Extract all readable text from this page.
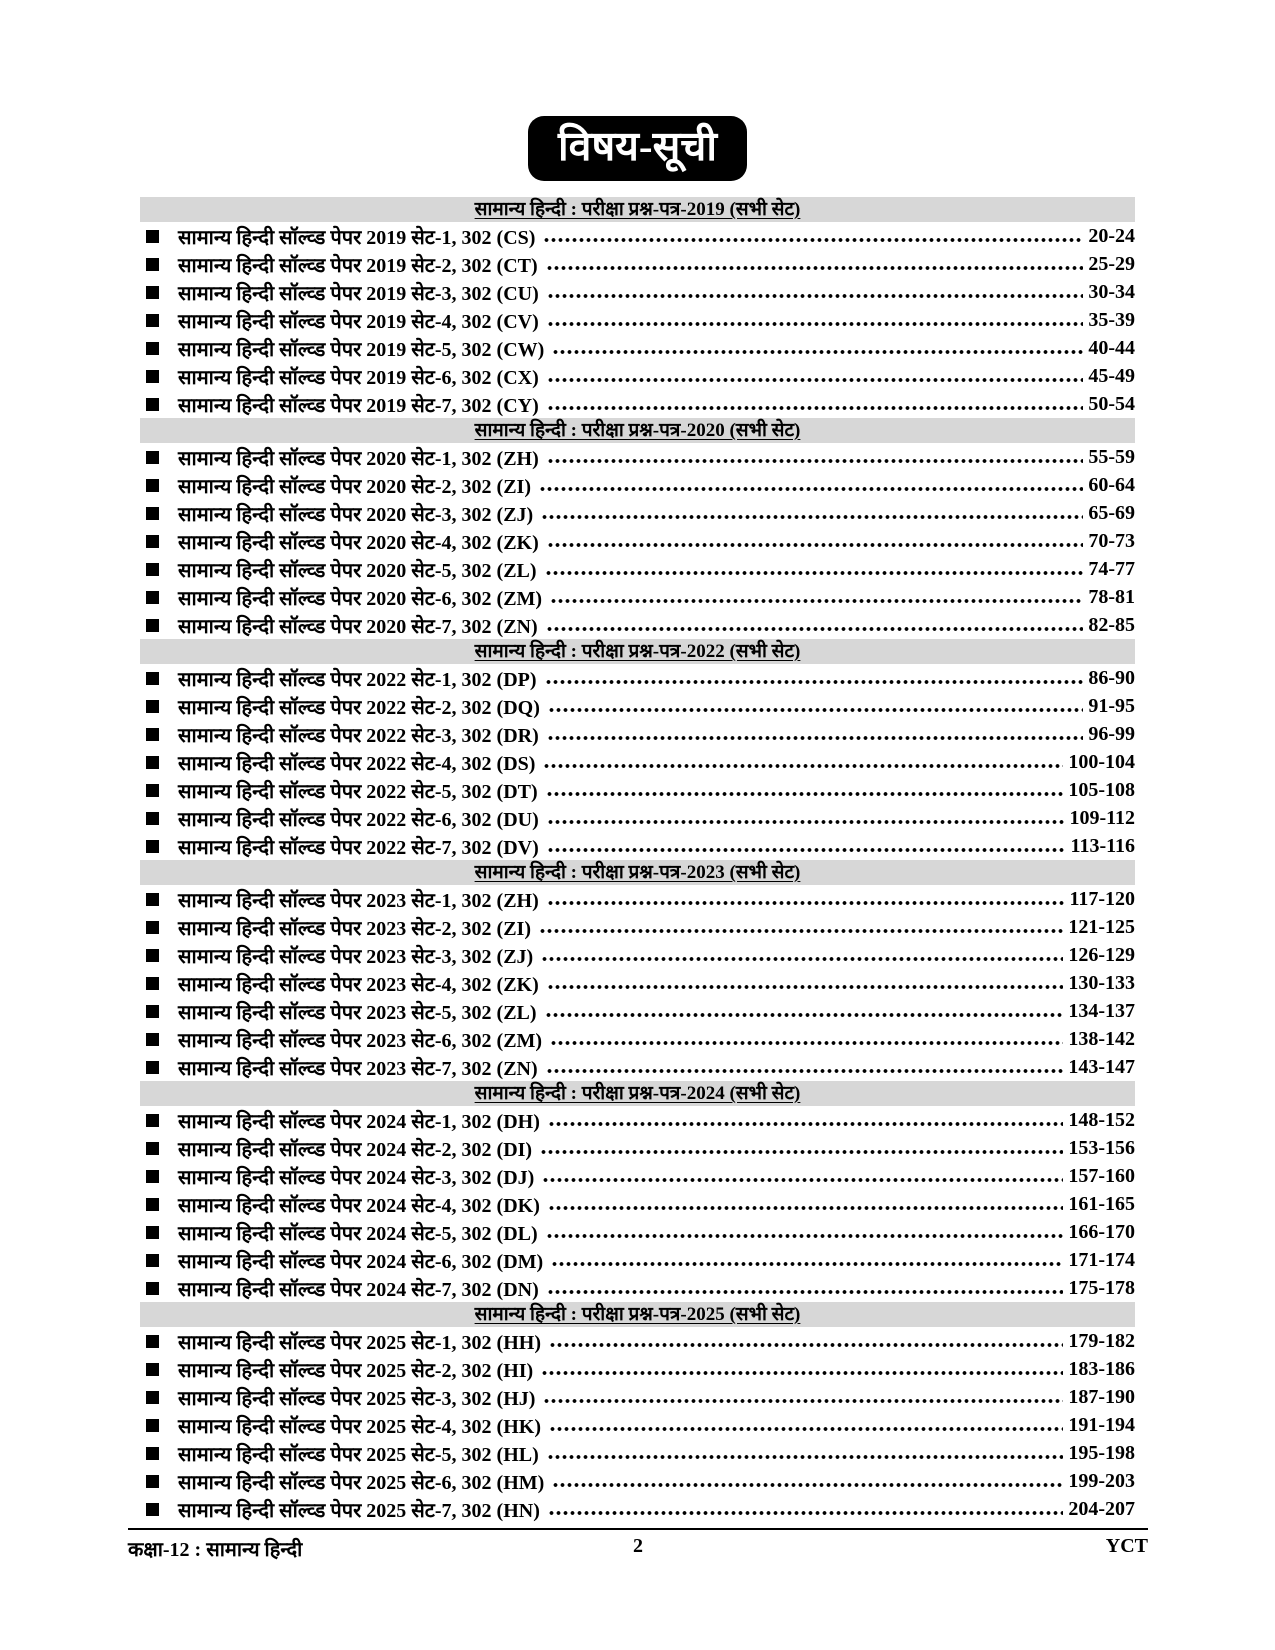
विषय-सूची
सामान्य हिन्दी : परीक्षा प्रश्न-पत्र-2019 (सभी सेट)
सामान्य हिन्दी सॉल्व्ड पेपर 2019 सेट-1, 302 (CS)	20-24
सामान्य हिन्दी सॉल्व्ड पेपर 2019 सेट-2, 302 (CT)	25-29
सामान्य हिन्दी सॉल्व्ड पेपर 2019 सेट-3, 302 (CU)	30-34
सामान्य हिन्दी सॉल्व्ड पेपर 2019 सेट-4, 302 (CV)	35-39
सामान्य हिन्दी सॉल्व्ड पेपर 2019 सेट-5, 302 (CW)	40-44
सामान्य हिन्दी सॉल्व्ड पेपर 2019 सेट-6, 302 (CX)	45-49
सामान्य हिन्दी सॉल्व्ड पेपर 2019 सेट-7, 302 (CY)	50-54
सामान्य हिन्दी : परीक्षा प्रश्न-पत्र-2020 (सभी सेट)
सामान्य हिन्दी सॉल्व्ड पेपर 2020 सेट-1, 302 (ZH)	55-59
सामान्य हिन्दी सॉल्व्ड पेपर 2020 सेट-2, 302 (ZI)	60-64
सामान्य हिन्दी सॉल्व्ड पेपर 2020 सेट-3, 302 (ZJ)	65-69
सामान्य हिन्दी सॉल्व्ड पेपर 2020 सेट-4, 302 (ZK)	70-73
सामान्य हिन्दी सॉल्व्ड पेपर 2020 सेट-5, 302 (ZL)	74-77
सामान्य हिन्दी सॉल्व्ड पेपर 2020 सेट-6, 302 (ZM)	78-81
सामान्य हिन्दी सॉल्व्ड पेपर 2020 सेट-7, 302 (ZN)	82-85
सामान्य हिन्दी : परीक्षा प्रश्न-पत्र-2022 (सभी सेट)
सामान्य हिन्दी सॉल्व्ड पेपर 2022 सेट-1, 302 (DP)	86-90
सामान्य हिन्दी सॉल्व्ड पेपर 2022 सेट-2, 302 (DQ)	91-95
सामान्य हिन्दी सॉल्व्ड पेपर 2022 सेट-3, 302 (DR)	96-99
सामान्य हिन्दी सॉल्व्ड पेपर 2022 सेट-4, 302 (DS)	100-104
सामान्य हिन्दी सॉल्व्ड पेपर 2022 सेट-5, 302 (DT)	105-108
सामान्य हिन्दी सॉल्व्ड पेपर 2022 सेट-6, 302 (DU)	109-112
सामान्य हिन्दी सॉल्व्ड पेपर 2022 सेट-7, 302 (DV)	113-116
सामान्य हिन्दी : परीक्षा प्रश्न-पत्र-2023 (सभी सेट)
सामान्य हिन्दी सॉल्व्ड पेपर 2023 सेट-1, 302 (ZH)	117-120
सामान्य हिन्दी सॉल्व्ड पेपर 2023 सेट-2, 302 (ZI)	121-125
सामान्य हिन्दी सॉल्व्ड पेपर 2023 सेट-3, 302 (ZJ)	126-129
सामान्य हिन्दी सॉल्व्ड पेपर 2023 सेट-4, 302 (ZK)	130-133
सामान्य हिन्दी सॉल्व्ड पेपर 2023 सेट-5, 302 (ZL)	134-137
सामान्य हिन्दी सॉल्व्ड पेपर 2023 सेट-6, 302 (ZM)	138-142
सामान्य हिन्दी सॉल्व्ड पेपर 2023 सेट-7, 302 (ZN)	143-147
सामान्य हिन्दी : परीक्षा प्रश्न-पत्र-2024 (सभी सेट)
सामान्य हिन्दी सॉल्व्ड पेपर 2024 सेट-1, 302 (DH)	148-152
सामान्य हिन्दी सॉल्व्ड पेपर 2024 सेट-2, 302 (DI)	153-156
सामान्य हिन्दी सॉल्व्ड पेपर 2024 सेट-3, 302 (DJ)	157-160
सामान्य हिन्दी सॉल्व्ड पेपर 2024 सेट-4, 302 (DK)	161-165
सामान्य हिन्दी सॉल्व्ड पेपर 2024 सेट-5, 302 (DL)	166-170
सामान्य हिन्दी सॉल्व्ड पेपर 2024 सेट-6, 302 (DM)	171-174
सामान्य हिन्दी सॉल्व्ड पेपर 2024 सेट-7, 302 (DN)	175-178
सामान्य हिन्दी : परीक्षा प्रश्न-पत्र-2025 (सभी सेट)
सामान्य हिन्दी सॉल्व्ड पेपर 2025 सेट-1, 302 (HH)	179-182
सामान्य हिन्दी सॉल्व्ड पेपर 2025 सेट-2, 302 (HI)	183-186
सामान्य हिन्दी सॉल्व्ड पेपर 2025 सेट-3, 302 (HJ)	187-190
सामान्य हिन्दी सॉल्व्ड पेपर 2025 सेट-4, 302 (HK)	191-194
सामान्य हिन्दी सॉल्व्ड पेपर 2025 सेट-5, 302 (HL)	195-198
सामान्य हिन्दी सॉल्व्ड पेपर 2025 सेट-6, 302 (HM)	199-203
सामान्य हिन्दी सॉल्व्ड पेपर 2025 सेट-7, 302 (HN)	204-207
कक्षा-12 : सामान्य हिन्दी	2	YCT
